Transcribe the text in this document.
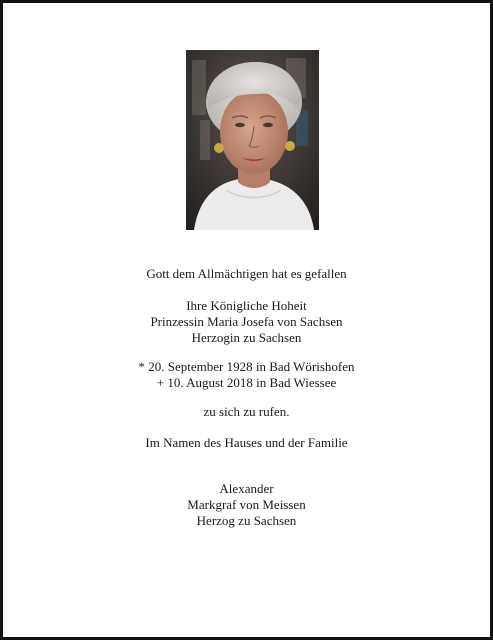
Gott dem Allmächtigen hat es gefallen
Ihre Königliche Hoheit
Prinzessin Maria Josefa von Sachsen
Herzogin zu Sachsen
* 20. September 1928 in Bad Wörishofen
+ 10. August 2018 in Bad Wiessee
zu sich zu rufen.
Im Namen des Hauses und der Familie
Alexander
Markgraf von Meissen
Herzog zu Sachsen
